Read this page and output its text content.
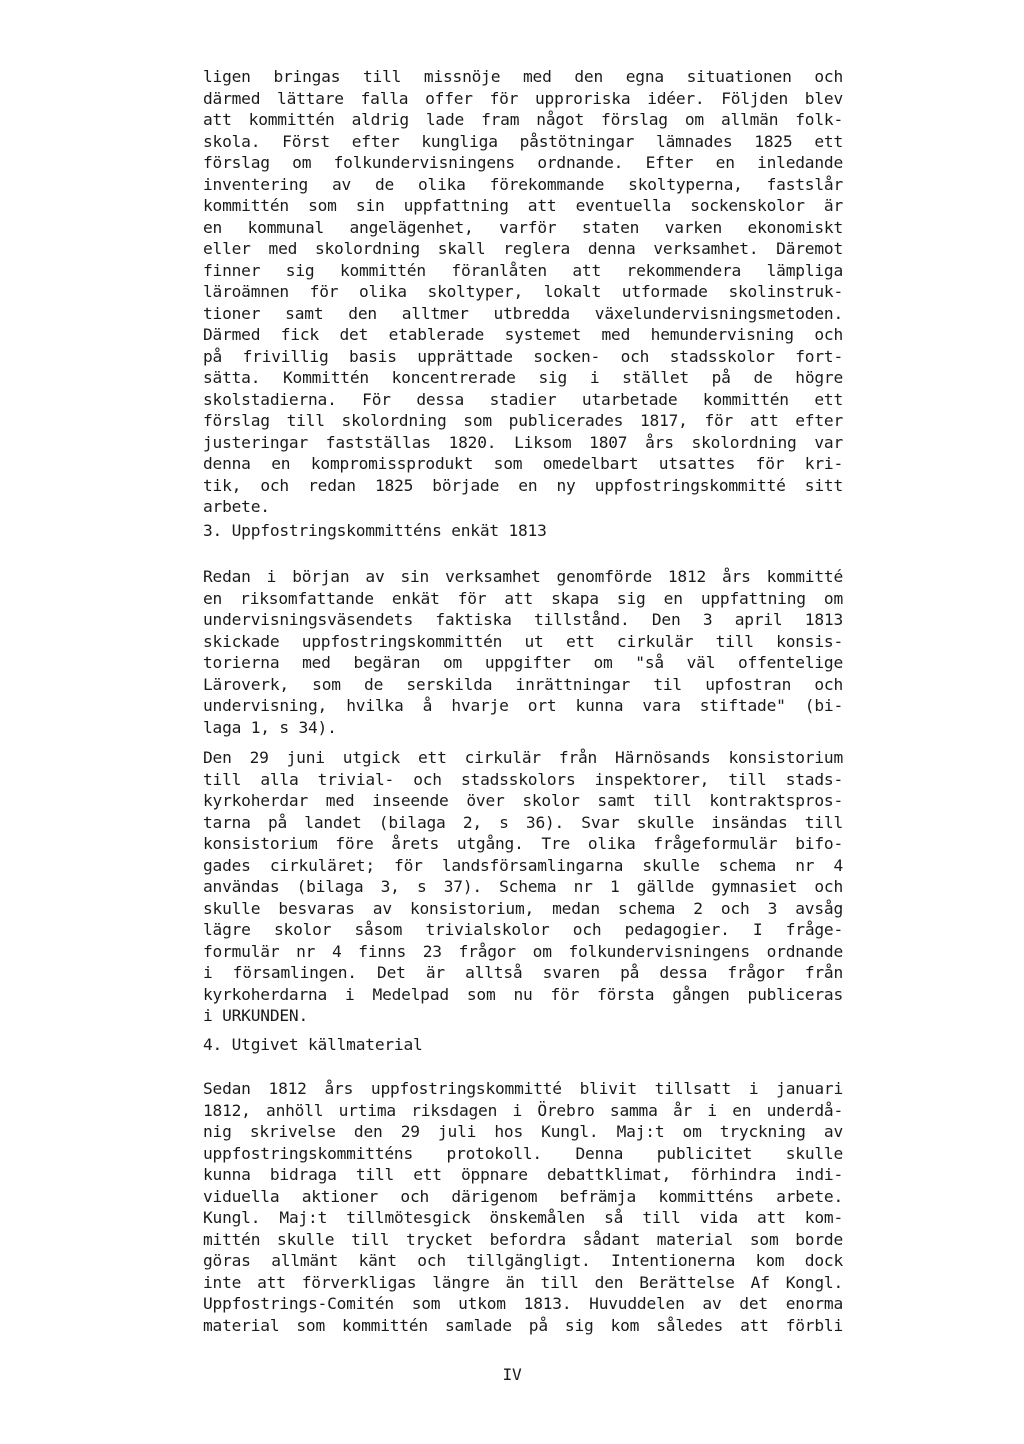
ligen bringas till missnöje med den egna situationen och
därmed lättare falla offer för upproriska idéer. Följden blev
att kommittén aldrig lade fram något förslag om allmän folk-
skola. Först efter kungliga påstötningar lämnades 1825 ett
förslag om folkundervisningens ordnande. Efter en inledande
inventering av de olika förekommande skoltyperna, fastslår
kommittén som sin uppfattning att eventuella sockenskolor är
en kommunal angelägenhet, varför staten varken ekonomiskt
eller med skolordning skall reglera denna verksamhet. Däremot
finner sig kommittén föranlåten att rekommendera lämpliga
läroämnen för olika skoltyper, lokalt utformade skolinstruk-
tioner samt den alltmer utbredda växelundervisningsmetoden.
Därmed fick det etablerade systemet med hemundervisning och
på frivillig basis upprättade socken- och stadsskolor fort-
sätta. Kommittén koncentrerade sig i stället på de högre
skolstadierna. För dessa stadier utarbetade kommittén ett
förslag till skolordning som publicerades 1817, för att efter
justeringar fastställas 1820. Liksom 1807 års skolordning var
denna en kompromissprodukt som omedelbart utsattes för kri-
tik, och redan 1825 började en ny uppfostringskommitté sitt
arbete.
3. Uppfostringskommitténs enkät 1813
Redan i början av sin verksamhet genomförde 1812 års kommitté
en riksomfattande enkät för att skapa sig en uppfattning om
undervisningsväsendets faktiska tillstånd. Den 3 april 1813
skickade uppfostringskommittén ut ett cirkulär till konsis-
torierna med begäran om uppgifter om "så väl offentelige
Läroverk, som de serskilda inrättningar til upfostran och
undervisning, hvilka å hvarje ort kunna vara stiftade" (bi-
laga 1, s 34).
Den 29 juni utgick ett cirkulär från Härnösands konsistorium
till alla trivial- och stadsskolors inspektorer, till stads-
kyrkoherdar med inseende över skolor samt till kontraktspros-
tarna på landet (bilaga 2, s 36). Svar skulle insändas till
konsistorium före årets utgång. Tre olika frågeformulär bifo-
gades cirkuläret; för landsförsamlingarna skulle schema nr 4
användas (bilaga 3, s 37). Schema nr 1 gällde gymnasiet och
skulle besvaras av konsistorium, medan schema 2 och 3 avsåg
lägre skolor såsom trivialskolor och pedagogier. I fråge-
formulär nr 4 finns 23 frågor om folkundervisningens ordnande
i församlingen. Det är alltså svaren på dessa frågor från
kyrkoherdarna i Medelpad som nu för första gången publiceras
i URKUNDEN.
4. Utgivet källmaterial
Sedan 1812 års uppfostringskommitté blivit tillsatt i januari
1812, anhöll urtima riksdagen i Örebro samma år i en underdå-
nig skrivelse den 29 juli hos Kungl. Maj:t om tryckning av
uppfostringskommitténs protokoll. Denna publicitet skulle
kunna bidraga till ett öppnare debattklimat, förhindra indi-
viduella aktioner och därigenom befrämja kommitténs arbete.
Kungl. Maj:t tillmötesgick önskemålen så till vida att kom-
mittén skulle till trycket befordra sådant material som borde
göras allmänt känt och tillgängligt. Intentionerna kom dock
inte att förverkligas längre än till den Berättelse Af Kongl.
Uppfostrings-Comitén som utkom 1813. Huvuddelen av det enorma
material som kommittén samlade på sig kom således att förbli
IV
